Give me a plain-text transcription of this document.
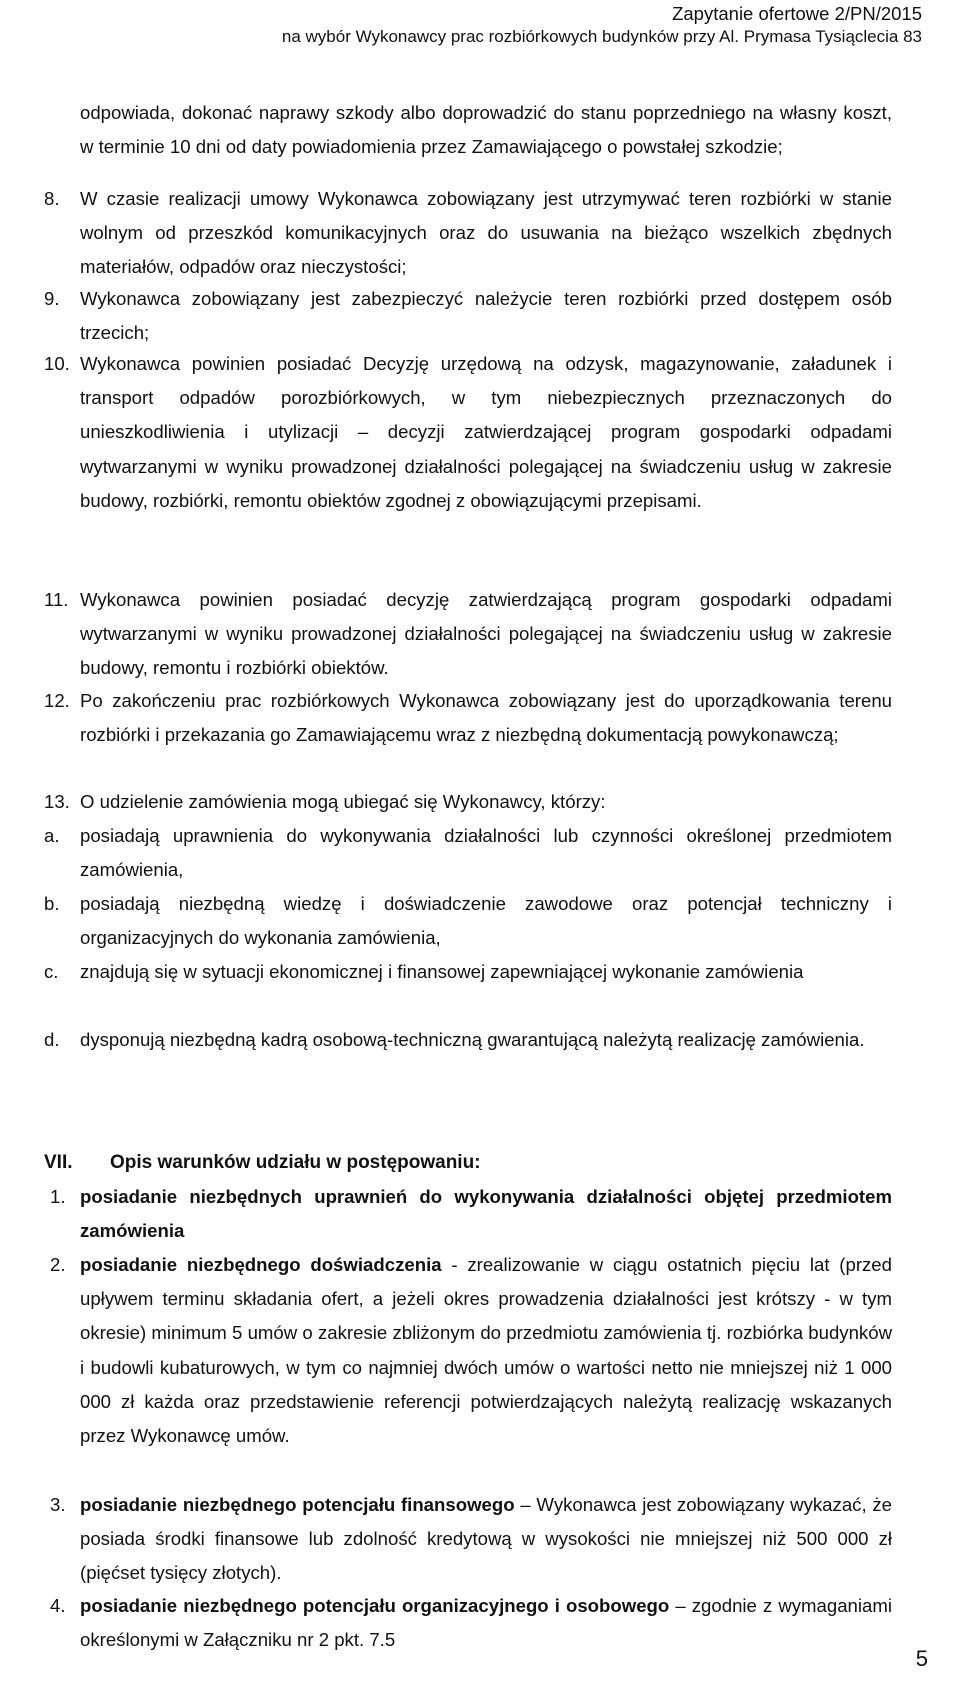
Zapytanie ofertowe 2/PN/2015
na wybór Wykonawcy prac rozbiórkowych budynków przy Al. Prymasa Tysiąclecia 83
odpowiada, dokonać naprawy szkody albo doprowadzić do stanu poprzedniego na własny koszt, w terminie 10 dni od daty powiadomienia przez Zamawiającego o powstałej szkodzie;
8. W czasie realizacji umowy Wykonawca zobowiązany jest utrzymywać teren rozbiórki w stanie wolnym od przeszkód komunikacyjnych oraz do usuwania na bieżąco wszelkich zbędnych materiałów, odpadów oraz nieczystości;
9. Wykonawca zobowiązany jest zabezpieczyć należycie teren rozbiórki przed dostępem osób trzecich;
10. Wykonawca powinien posiadać Decyzję urzędową na odzysk, magazynowanie, załadunek i transport odpadów porozbiórkowych, w tym niebezpiecznych przeznaczonych do unieszkodliwienia i utylizacji – decyzji zatwierdzającej program gospodarki odpadami wytwarzanymi w wyniku prowadzonej działalności polegającej na świadczeniu usług w zakresie budowy, rozbiórki, remontu obiektów zgodnej z obowiązującymi przepisami.
11. Wykonawca powinien posiadać decyzję zatwierdzającą program gospodarki odpadami wytwarzanymi w wyniku prowadzonej działalności polegającej na świadczeniu usług w zakresie budowy, remontu i rozbiórki obiektów.
12. Po zakończeniu prac rozbiórkowych Wykonawca zobowiązany jest do uporządkowania terenu rozbiórki i przekazania go Zamawiającemu wraz z niezbędną dokumentacją powykonawczą;
13. O udzielenie zamówienia mogą ubiegać się Wykonawcy, którzy:
a. posiadają uprawnienia do wykonywania działalności lub czynności określonej przedmiotem zamówienia,
b. posiadają niezbędną wiedzę i doświadczenie zawodowe oraz potencjał techniczny i organizacyjnych do wykonania zamówienia,
c. znajdują się w sytuacji ekonomicznej i finansowej zapewniającej wykonanie zamówienia
d. dysponują niezbędną kadrą osobową-techniczną gwarantującą należytą realizację zamówienia.
VII. Opis warunków udziału w postępowaniu:
1. posiadanie niezbędnych uprawnień do wykonywania działalności objętej przedmiotem zamówienia
2. posiadanie niezbędnego doświadczenia - zrealizowanie w ciągu ostatnich pięciu lat (przed upływem terminu składania ofert, a jeżeli okres prowadzenia działalności jest krótszy - w tym okresie) minimum 5 umów o zakresie zbliżonym do przedmiotu zamówienia tj. rozbiórka budynków i budowli kubaturowych, w tym co najmniej dwóch umów o wartości netto nie mniejszej niż 1 000 000 zł każda oraz przedstawienie referencji potwierdzających należytą realizację wskazanych przez Wykonawcę umów.
3. posiadanie niezbędnego potencjału finansowego – Wykonawca jest zobowiązany wykazać, że posiada środki finansowe lub zdolność kredytową w wysokości nie mniejszej niż 500 000 zł (pięćset tysięcy złotych).
4. posiadanie niezbędnego potencjału organizacyjnego i osobowego – zgodnie z wymaganiami określonymi w Załączniku nr 2 pkt. 7.5
5
